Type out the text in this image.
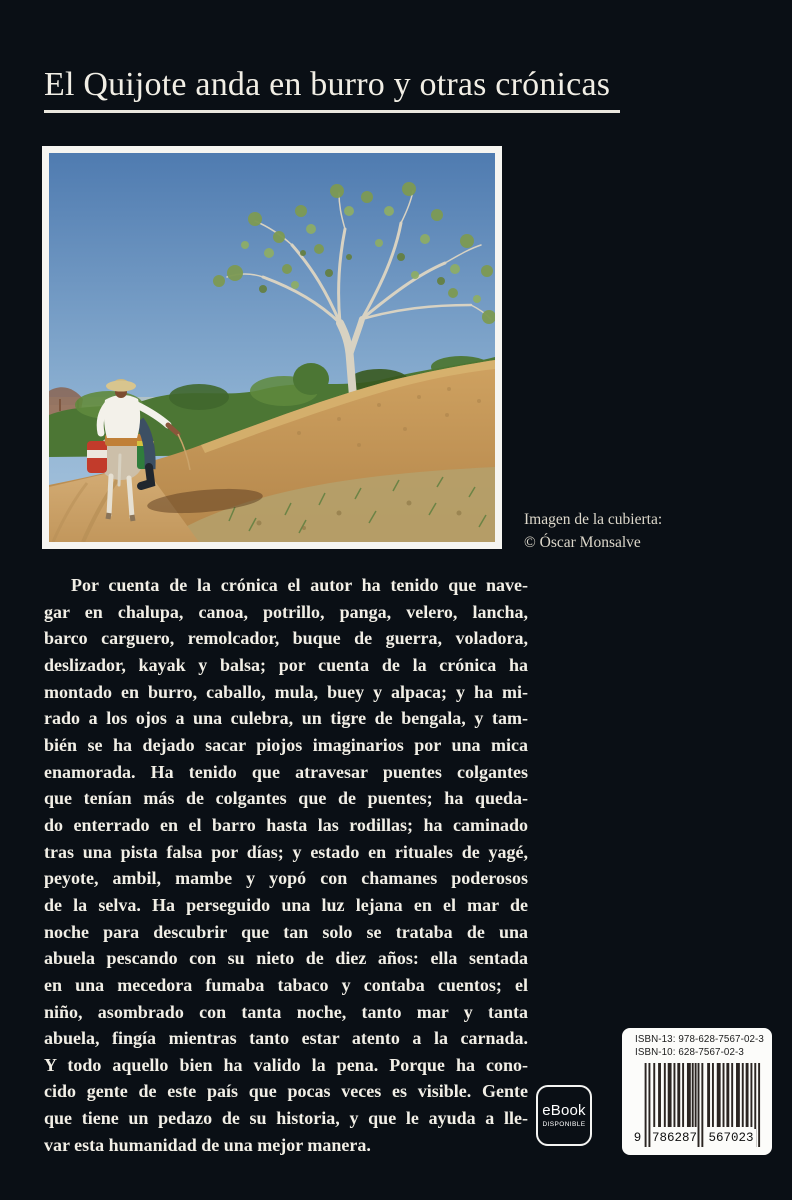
El Quijote anda en burro y otras crónicas
Imagen de la cubierta:
© Óscar Monsalve
Por cuenta de la crónica el autor ha tenido que nave-
gar en chalupa, canoa, potrillo, panga, velero, lancha,
barco carguero, remolcador, buque de guerra, voladora,
deslizador, kayak y balsa; por cuenta de la crónica ha
montado en burro, caballo, mula, buey y alpaca; y ha mi-
rado a los ojos a una culebra, un tigre de bengala, y tam-
bién se ha dejado sacar piojos imaginarios por una mica
enamorada. Ha tenido que atravesar puentes colgantes
que tenían más de colgantes que de puentes; ha queda-
do enterrado en el barro hasta las rodillas; ha caminado
tras una pista falsa por días; y estado en rituales de yagé,
peyote, ambil, mambe y yopó con chamanes poderosos
de la selva. Ha perseguido una luz lejana en el mar de
noche para descubrir que tan solo se trataba de una
abuela pescando con su nieto de diez años: ella sentada
en una mecedora fumaba tabaco y contaba cuentos; el
niño, asombrado con tanta noche, tanto mar y tanta
abuela, fingía mientras tanto estar atento a la carnada.
Y todo aquello bien ha valido la pena. Porque ha cono-
cido gente de este país que pocas veces es visible. Gente
que tiene un pedazo de su historia, y que le ayuda a lle-
var esta humanidad de una mejor manera.
eBook
DISPONIBLE
ISBN-13: 978-628-7567-02-3
ISBN-10: 628-7567-02-3
9 786287 567023
